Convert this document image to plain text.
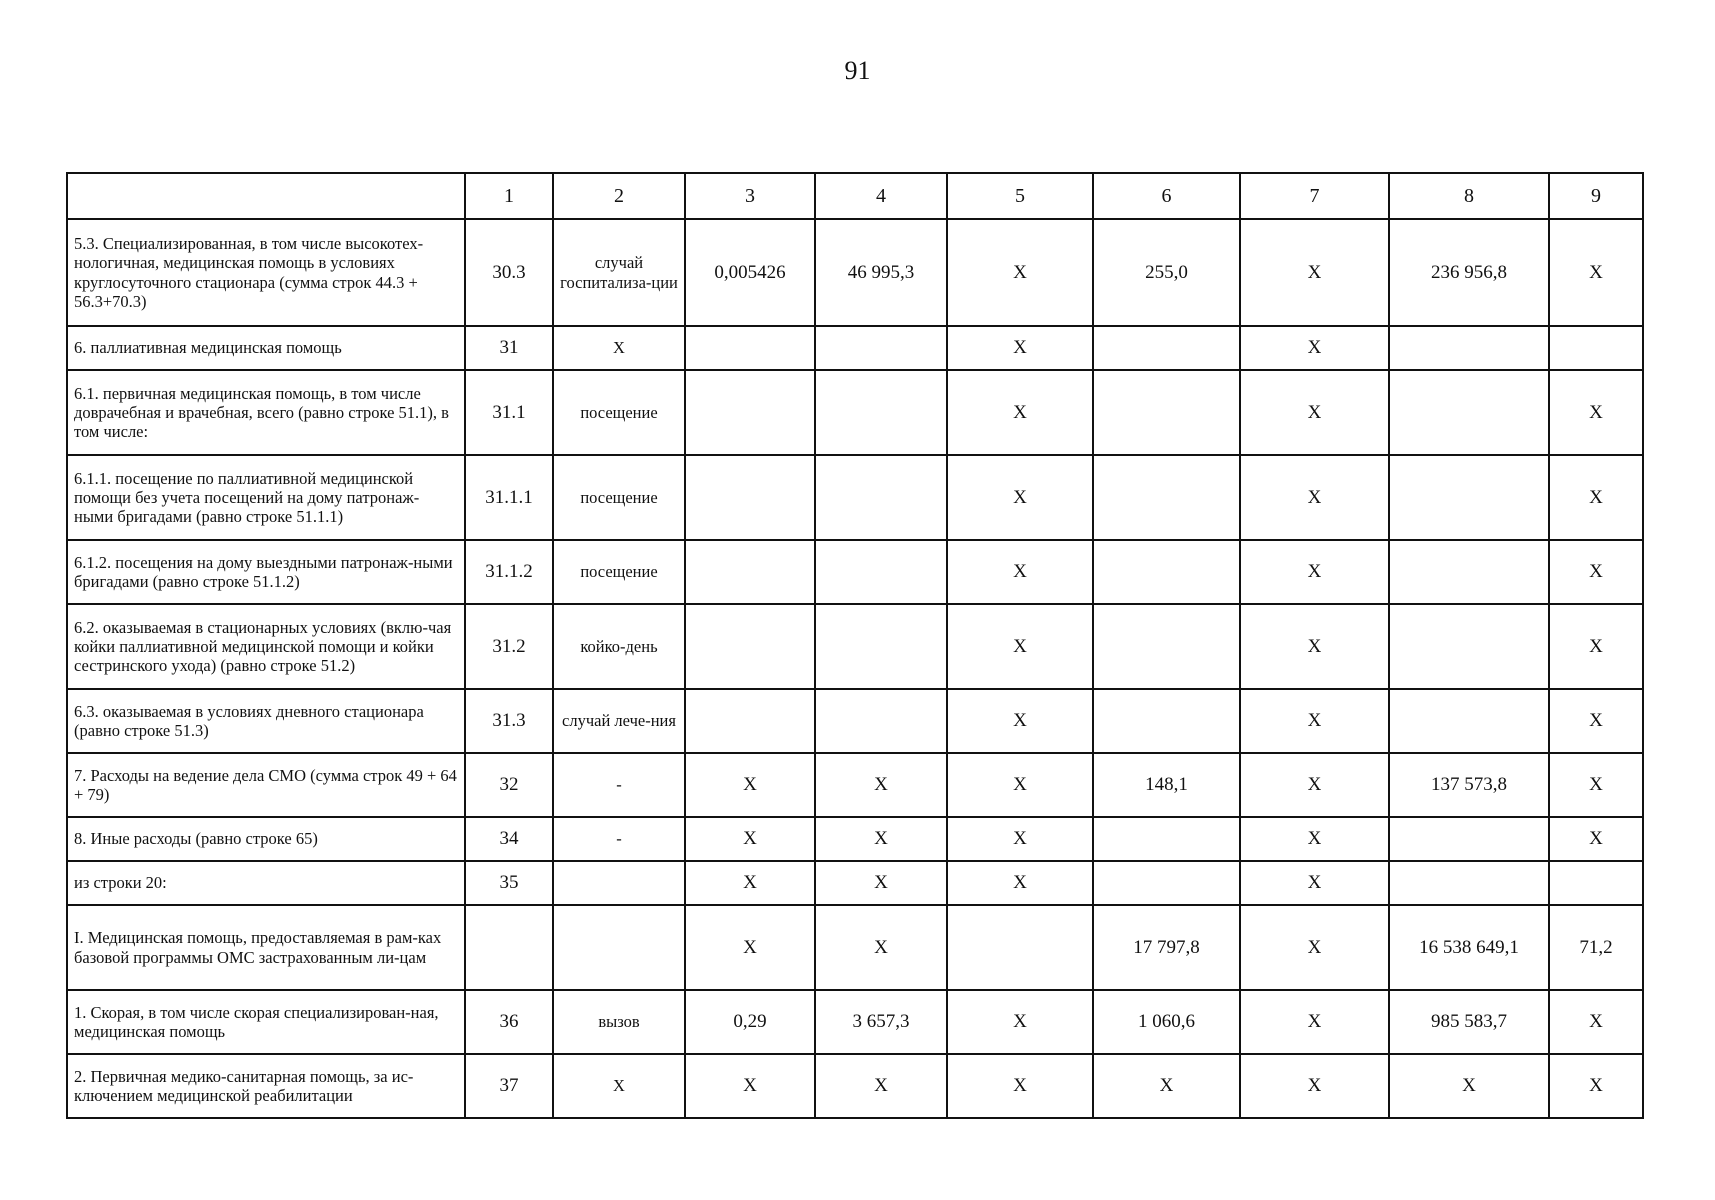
91
	1	2	3	4	5	6	7	8	9
5.3. Специализированная, в том числе высокотех-нологичная, медицинская помощь в условиях круглосуточного стационара (сумма строк 44.3 + 56.3+70.3)	30.3	случай госпитализа-ции	0,005426	46 995,3	Х	255,0	Х	236 956,8	Х
6. паллиативная медицинская помощь	31	Х			Х		Х		
6.1. первичная медицинская помощь, в том числе доврачебная и врачебная, всего (равно строке 51.1), в том числе:	31.1	посещение			Х		Х		Х
6.1.1. посещение по паллиативной медицинской помощи без учета посещений на дому патронаж-ными бригадами (равно строке 51.1.1)	31.1.1	посещение			Х		Х		Х
6.1.2. посещения на дому выездными патронаж-ными бригадами (равно строке 51.1.2)	31.1.2	посещение			Х		Х		Х
6.2. оказываемая в стационарных условиях (вклю-чая койки паллиативной медицинской помощи и койки сестринского ухода) (равно строке 51.2)	31.2	койко-день			Х		Х		Х
6.3. оказываемая в условиях дневного стационара (равно строке 51.3)	31.3	случай лече-ния			Х		Х		Х
7. Расходы на ведение дела СМО (сумма строк 49 + 64 + 79)	32	-	Х	Х	Х	148,1	Х	137 573,8	Х
8. Иные расходы (равно строке 65)	34	-	Х	Х	Х		Х		Х
из строки 20:	35		Х	Х	Х		Х		
I. Медицинская помощь, предоставляемая в рам-ках базовой программы ОМС застрахованным ли-цам			Х	Х		17 797,8	Х	16 538 649,1	71,2
1. Скорая, в том числе скорая специализирован-ная, медицинская помощь	36	вызов	0,29	3 657,3	Х	1 060,6	Х	985 583,7	Х
2. Первичная медико-санитарная помощь, за ис-ключением медицинской реабилитации	37	Х	Х	Х	Х	Х	Х	Х	Х
